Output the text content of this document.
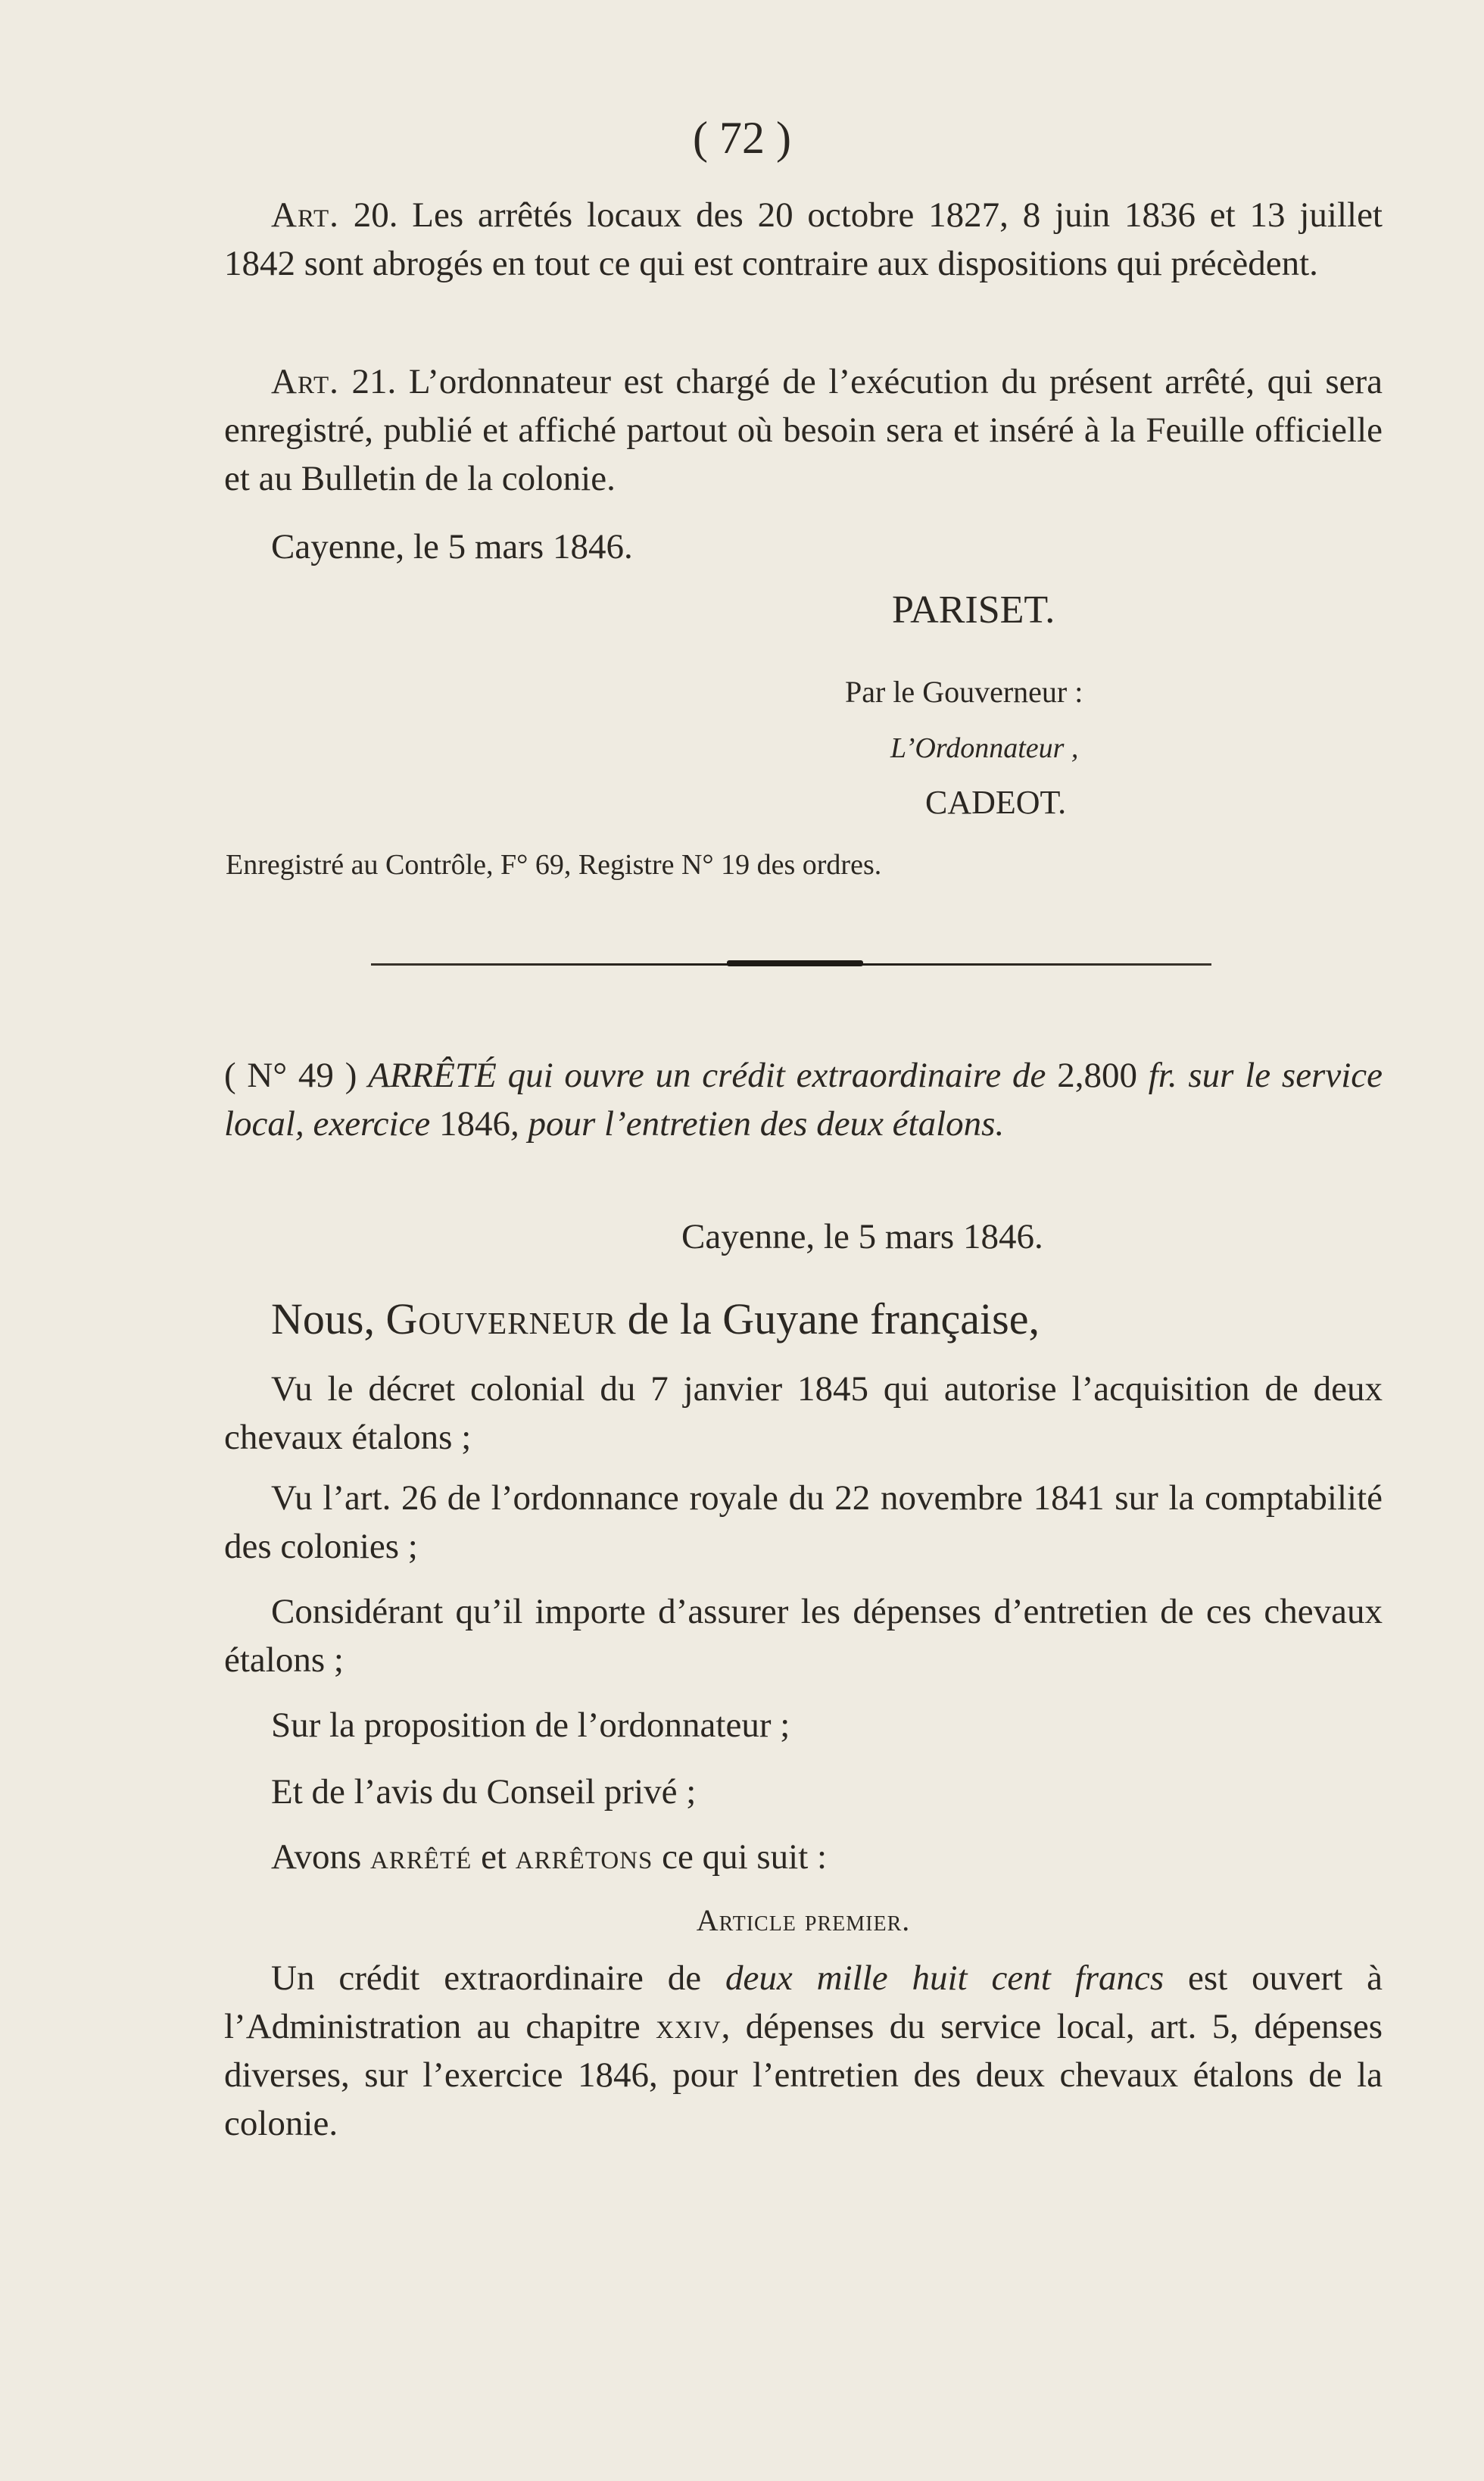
( 72 )
Art. 20. Les arrêtés locaux des 20 octobre 1827, 8 juin 1836 et 13 juillet 1842 sont abrogés en tout ce qui est contraire aux dispositions qui précèdent.
Art. 21. L’ordonnateur est chargé de l’exécution du présent arrêté, qui sera enregistré, publié et affiché partout où besoin sera et inséré à la Feuille officielle et au Bulletin de la colonie.
Cayenne, le 5 mars 1846.
PARISET.
Par le Gouverneur :
L’Ordonnateur ,
CADEOT.
Enregistré au Contrôle, F° 69, Registre N° 19 des ordres.
( N° 49 ) ARRÊTÉ qui ouvre un crédit extraordinaire de 2,800 fr. sur le service local, exercice 1846, pour l’entretien des deux étalons.
Cayenne, le 5 mars 1846.
Nous, Gouverneur de la Guyane française,
Vu le décret colonial du 7 janvier 1845 qui autorise l’acquisition de deux chevaux étalons ;
Vu l’art. 26 de l’ordonnance royale du 22 novembre 1841 sur la comptabilité des colonies ;
Considérant qu’il importe d’assurer les dépenses d’entretien de ces chevaux étalons ;
Sur la proposition de l’ordonnateur ;
Et de l’avis du Conseil privé ;
Avons arrêté et arrêtons ce qui suit :
Article premier.
Un crédit extraordinaire de deux mille huit cent francs est ouvert à l’Administration au chapitre xxiv, dépenses du service local, art. 5, dépenses diverses, sur l’exercice 1846, pour l’entretien des deux chevaux étalons de la colonie.
